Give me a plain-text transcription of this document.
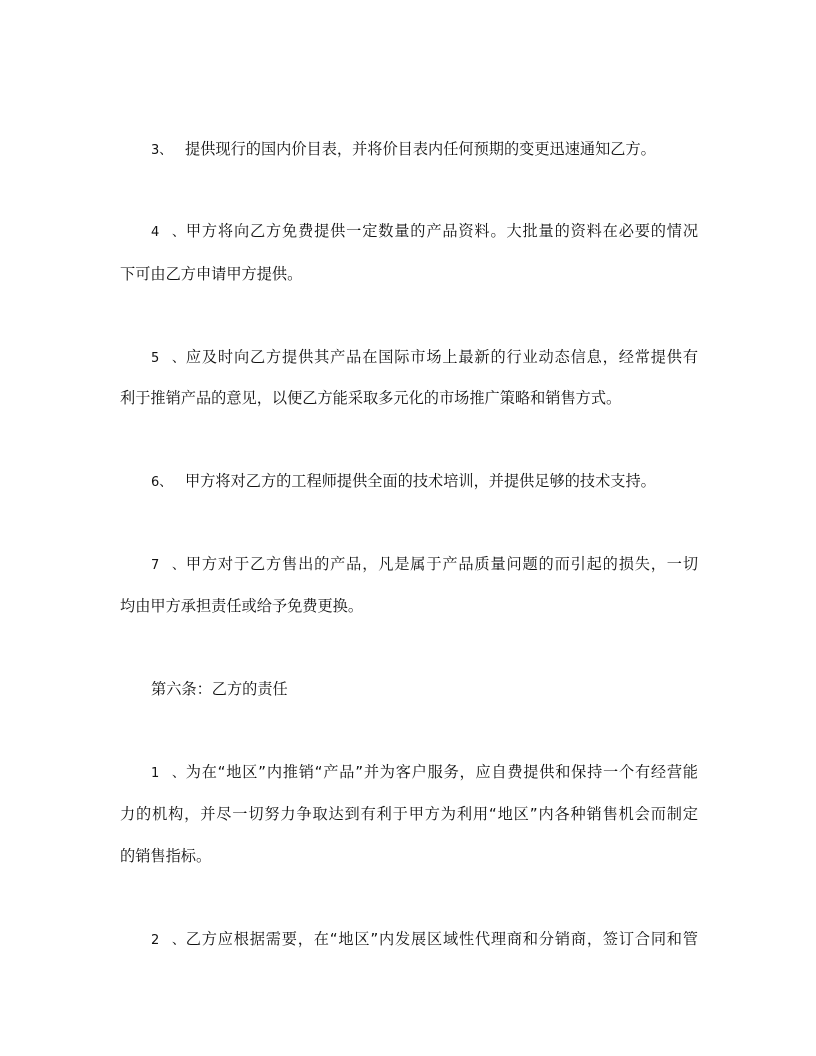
3、 提供现行的国内价目表，并将价目表内任何预期的变更迅速通知乙方。
4、甲方将向乙方免费提供一定数量的产品资料。大批量的资料在必要的情况
下可由乙方申请甲方提供。
5、应及时向乙方提供其产品在国际市场上最新的行业动态信息，经常提供有
利于推销产品的意见，以便乙方能采取多元化的市场推广策略和销售方式。
6、 甲方将对乙方的工程师提供全面的技术培训，并提供足够的技术支持。
7、甲方对于乙方售出的产品，凡是属于产品质量问题的而引起的损失，一切
均由甲方承担责任或给予免费更换。
第六条：乙方的责任
1、为在“地区”内推销“产品”并为客户服务，应自费提供和保持一个有经营能
力的机构，并尽一切努力争取达到有利于甲方为利用“地区”内各种销售机会而制定
的销售指标。
2、乙方应根据需要，在“地区”内发展区域性代理商和分销商，签订合同和管
